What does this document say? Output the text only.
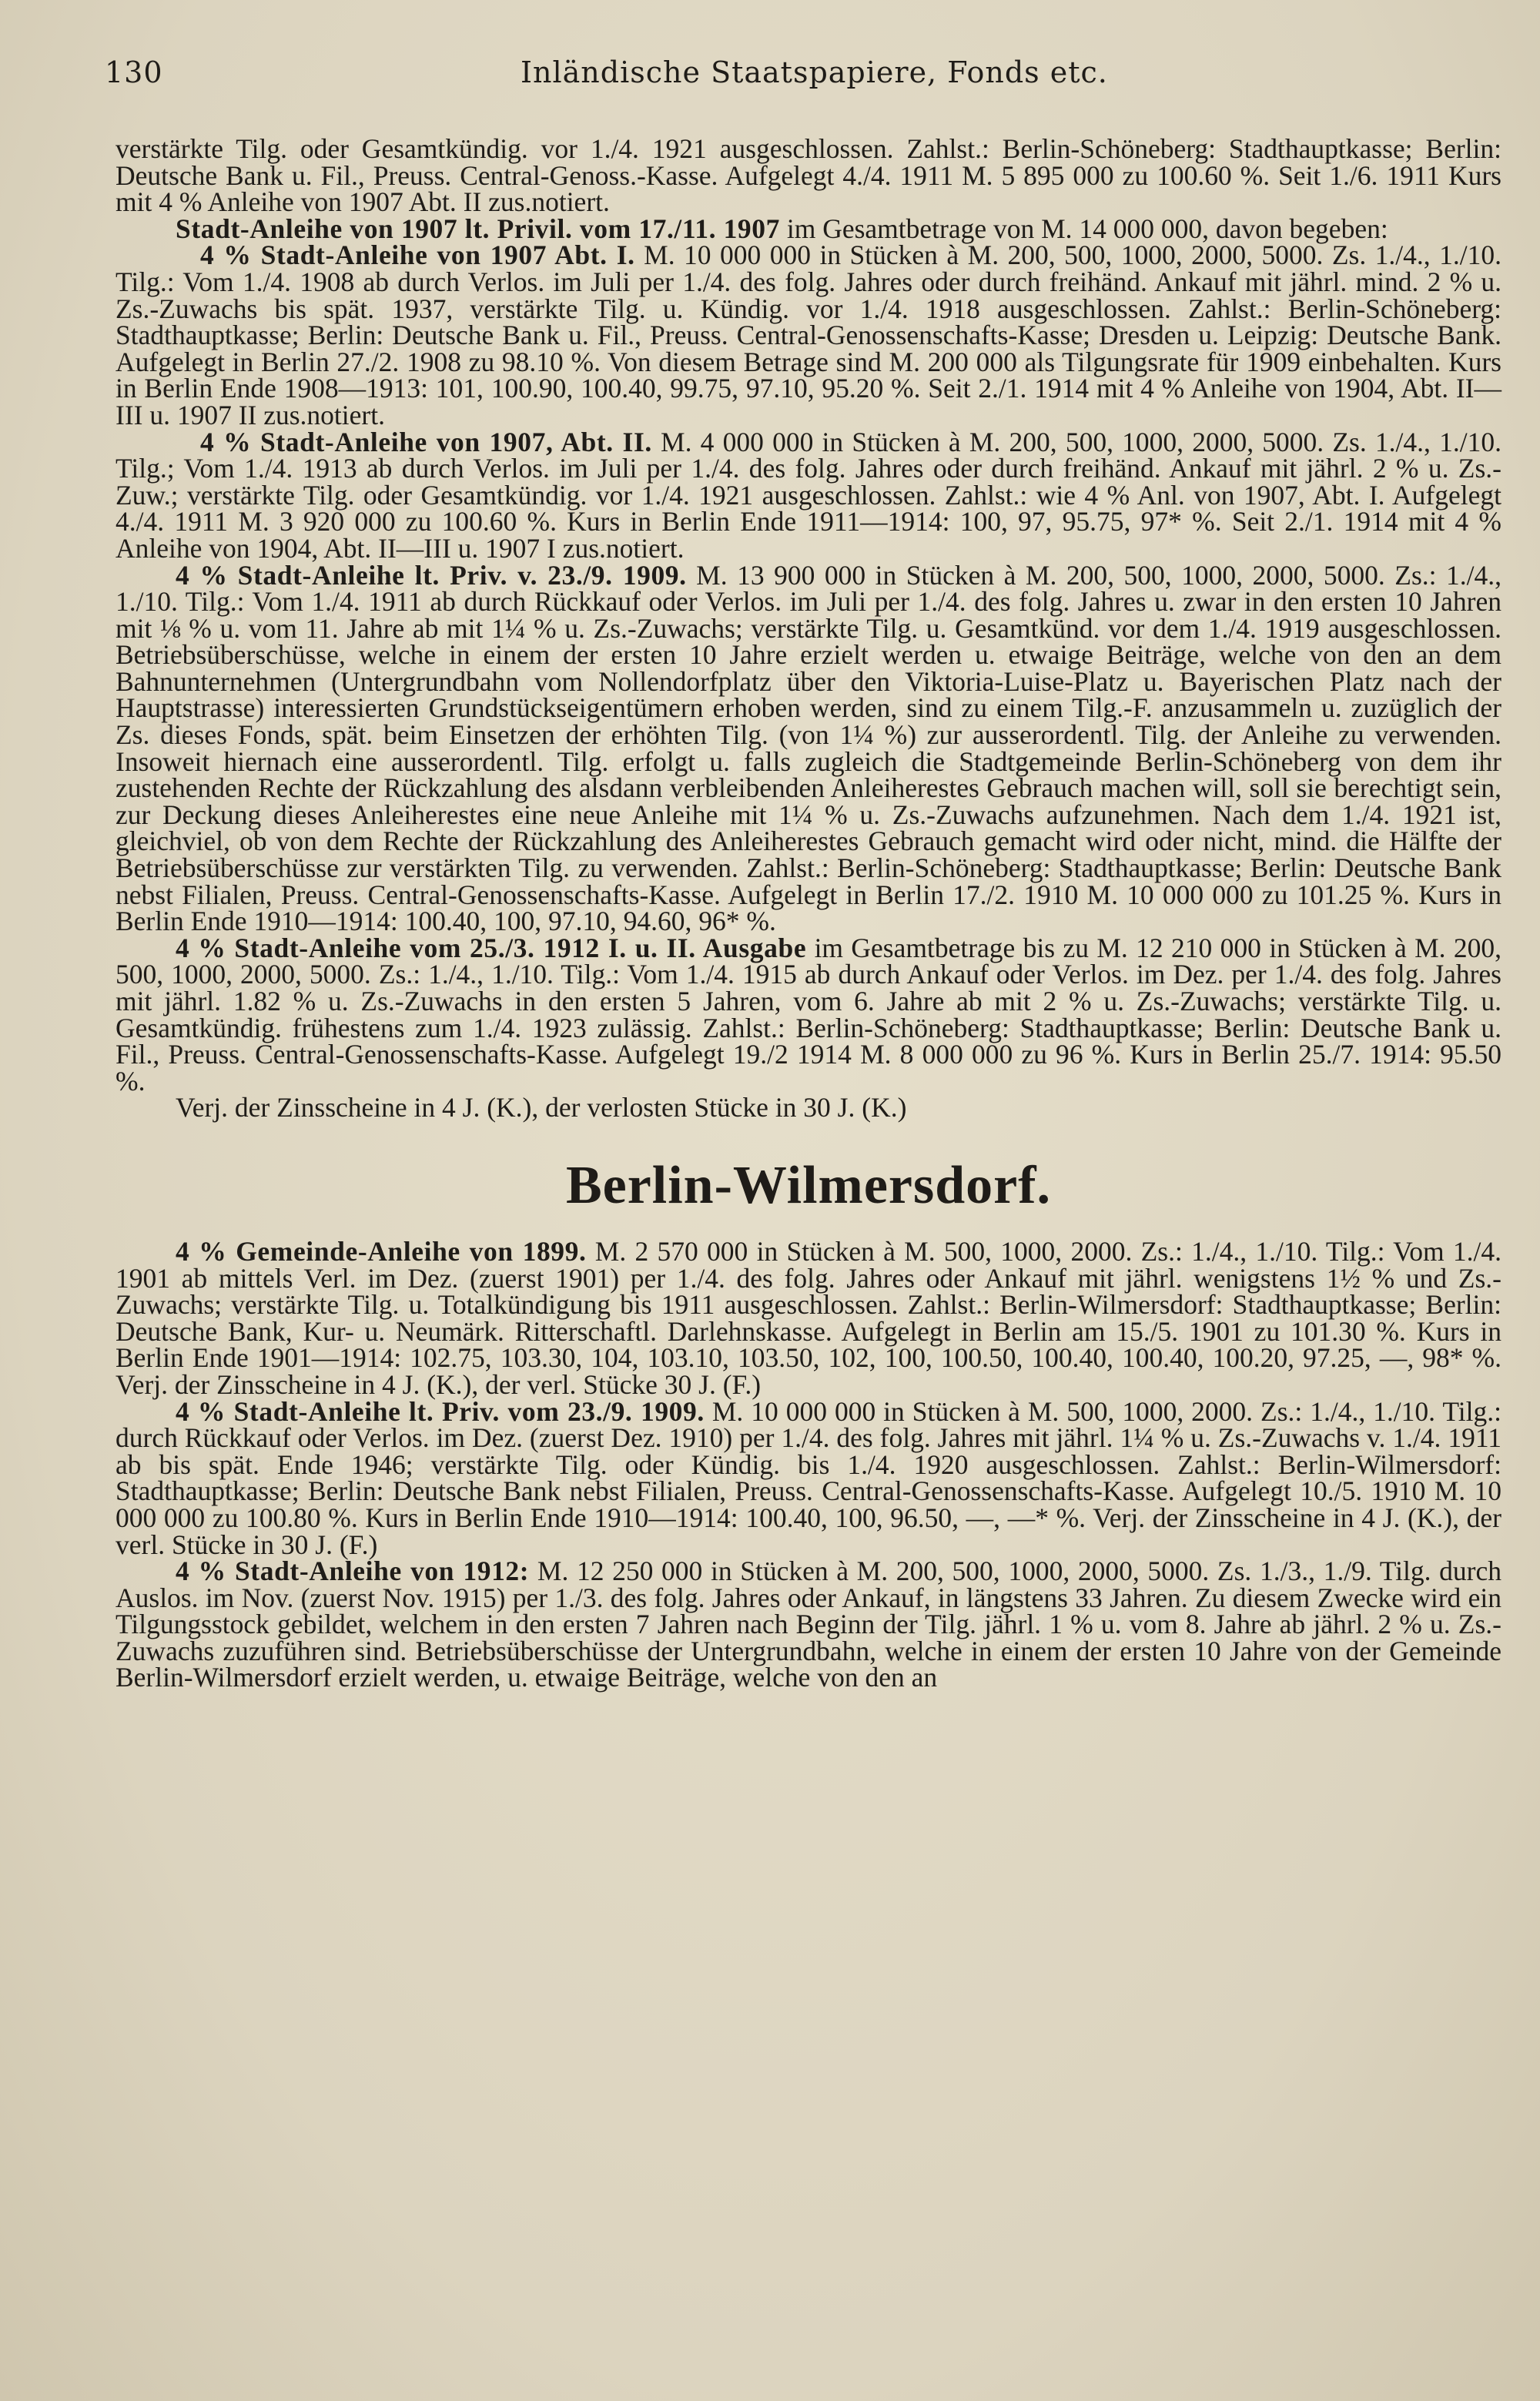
130	Inländische Staatspapiere, Fonds etc.

verstärkte Tilg. oder Gesamtkündig. vor 1./4. 1921 ausgeschlossen. Zahlst.: Berlin-Schöneberg: Stadthauptkasse; Berlin: Deutsche Bank u. Fil., Preuss. Central-Genoss.-Kasse. Aufgelegt 4./4. 1911 M. 5 895 000 zu 100.60 %. Seit 1./6. 1911 Kurs mit 4 % Anleihe von 1907 Abt. II zus.notiert.

Stadt-Anleihe von 1907 lt. Privil. vom 17./11. 1907 im Gesamtbetrage von M. 14 000 000, davon begeben:

4 % Stadt-Anleihe von 1907 Abt. I. M. 10 000 000 in Stücken à M. 200, 500, 1000, 2000, 5000. Zs. 1./4., 1./10. Tilg.: Vom 1./4. 1908 ab durch Verlos. im Juli per 1./4. des folg. Jahres oder durch freihänd. Ankauf mit jährl. mind. 2 % u. Zs.-Zuwachs bis spät. 1937, verstärkte Tilg. u. Kündig. vor 1./4. 1918 ausgeschlossen. Zahlst.: Berlin-Schöneberg: Stadthauptkasse; Berlin: Deutsche Bank u. Fil., Preuss. Central-Genossenschafts-Kasse; Dresden u. Leipzig: Deutsche Bank. Aufgelegt in Berlin 27./2. 1908 zu 98.10 %. Von diesem Betrage sind M. 200 000 als Tilgungsrate für 1909 einbehalten. Kurs in Berlin Ende 1908—1913: 101, 100.90, 100.40, 99.75, 97.10, 95.20 %. Seit 2./1. 1914 mit 4 % Anleihe von 1904, Abt. II—III u. 1907 II zus.notiert.

4 % Stadt-Anleihe von 1907, Abt. II. M. 4 000 000 in Stücken à M. 200, 500, 1000, 2000, 5000. Zs. 1./4., 1./10. Tilg.; Vom 1./4. 1913 ab durch Verlos. im Juli per 1./4. des folg. Jahres oder durch freihänd. Ankauf mit jährl. 2 % u. Zs.-Zuw.; verstärkte Tilg. oder Gesamtkündig. vor 1./4. 1921 ausgeschlossen. Zahlst.: wie 4 % Anl. von 1907, Abt. I. Aufgelegt 4./4. 1911 M. 3 920 000 zu 100.60 %. Kurs in Berlin Ende 1911—1914: 100, 97, 95.75, 97* %. Seit 2./1. 1914 mit 4 % Anleihe von 1904, Abt. II—III u. 1907 I zus.notiert.

4 % Stadt-Anleihe lt. Priv. v. 23./9. 1909. M. 13 900 000 in Stücken à M. 200, 500, 1000, 2000, 5000. Zs.: 1./4., 1./10. Tilg.: Vom 1./4. 1911 ab durch Rückkauf oder Verlos. im Juli per 1./4. des folg. Jahres u. zwar in den ersten 10 Jahren mit ⅛ % u. vom 11. Jahre ab mit 1¼ % u. Zs.-Zuwachs; verstärkte Tilg. u. Gesamtkünd. vor dem 1./4. 1919 ausgeschlossen. Betriebsüberschüsse, welche in einem der ersten 10 Jahre erzielt werden u. etwaige Beiträge, welche von den an dem Bahnunternehmen (Untergrundbahn vom Nollendorfplatz über den Viktoria-Luise-Platz u. Bayerischen Platz nach der Hauptstrasse) interessierten Grundstückseigentümern erhoben werden, sind zu einem Tilg.-F. anzusammeln u. zuzüglich der Zs. dieses Fonds, spät. beim Einsetzen der erhöhten Tilg. (von 1¼ %) zur ausserordentl. Tilg. der Anleihe zu verwenden. Insoweit hiernach eine ausserordentl. Tilg. erfolgt u. falls zugleich die Stadtgemeinde Berlin-Schöneberg von dem ihr zustehenden Rechte der Rückzahlung des alsdann verbleibenden Anleiherestes Gebrauch machen will, soll sie berechtigt sein, zur Deckung dieses Anleiherestes eine neue Anleihe mit 1¼ % u. Zs.-Zuwachs aufzunehmen. Nach dem 1./4. 1921 ist, gleichviel, ob von dem Rechte der Rückzahlung des Anleiherestes Gebrauch gemacht wird oder nicht, mind. die Hälfte der Betriebsüberschüsse zur verstärkten Tilg. zu verwenden. Zahlst.: Berlin-Schöneberg: Stadthauptkasse; Berlin: Deutsche Bank nebst Filialen, Preuss. Central-Genossenschafts-Kasse. Aufgelegt in Berlin 17./2. 1910 M. 10 000 000 zu 101.25 %. Kurs in Berlin Ende 1910—1914: 100.40, 100, 97.10, 94.60, 96* %.

4 % Stadt-Anleihe vom 25./3. 1912 I. u. II. Ausgabe im Gesamtbetrage bis zu M. 12 210 000 in Stücken à M. 200, 500, 1000, 2000, 5000. Zs.: 1./4., 1./10. Tilg.: Vom 1./4. 1915 ab durch Ankauf oder Verlos. im Dez. per 1./4. des folg. Jahres mit jährl. 1.82 % u. Zs.-Zuwachs in den ersten 5 Jahren, vom 6. Jahre ab mit 2 % u. Zs.-Zuwachs; verstärkte Tilg. u. Gesamtkündig. frühestens zum 1./4. 1923 zulässig. Zahlst.: Berlin-Schöneberg: Stadthauptkasse; Berlin: Deutsche Bank u. Fil., Preuss. Central-Genossenschafts-Kasse. Aufgelegt 19./2 1914 M. 8 000 000 zu 96 %. Kurs in Berlin 25./7. 1914: 95.50 %.

Verj. der Zinsscheine in 4 J. (K.), der verlosten Stücke in 30 J. (K.)

Berlin-Wilmersdorf.

4 % Gemeinde-Anleihe von 1899. M. 2 570 000 in Stücken à M. 500, 1000, 2000. Zs.: 1./4., 1./10. Tilg.: Vom 1./4. 1901 ab mittels Verl. im Dez. (zuerst 1901) per 1./4. des folg. Jahres oder Ankauf mit jährl. wenigstens 1½ % und Zs.-Zuwachs; verstärkte Tilg. u. Totalkündigung bis 1911 ausgeschlossen. Zahlst.: Berlin-Wilmersdorf: Stadthauptkasse; Berlin: Deutsche Bank, Kur- u. Neumärk. Ritterschaftl. Darlehnskasse. Aufgelegt in Berlin am 15./5. 1901 zu 101.30 %. Kurs in Berlin Ende 1901—1914: 102.75, 103.30, 104, 103.10, 103.50, 102, 100, 100.50, 100.40, 100.40, 100.20, 97.25, —, 98* %. Verj. der Zinsscheine in 4 J. (K.), der verl. Stücke 30 J. (F.)

4 % Stadt-Anleihe lt. Priv. vom 23./9. 1909. M. 10 000 000 in Stücken à M. 500, 1000, 2000. Zs.: 1./4., 1./10. Tilg.: durch Rückkauf oder Verlos. im Dez. (zuerst Dez. 1910) per 1./4. des folg. Jahres mit jährl. 1¼ % u. Zs.-Zuwachs v. 1./4. 1911 ab bis spät. Ende 1946; verstärkte Tilg. oder Kündig. bis 1./4. 1920 ausgeschlossen. Zahlst.: Berlin-Wilmersdorf: Stadthauptkasse; Berlin: Deutsche Bank nebst Filialen, Preuss. Central-Genossenschafts-Kasse. Aufgelegt 10./5. 1910 M. 10 000 000 zu 100.80 %. Kurs in Berlin Ende 1910—1914: 100.40, 100, 96.50, —, —* %. Verj. der Zinsscheine in 4 J. (K.), der verl. Stücke in 30 J. (F.)

4 % Stadt-Anleihe von 1912: M. 12 250 000 in Stücken à M. 200, 500, 1000, 2000, 5000. Zs. 1./3., 1./9. Tilg. durch Auslos. im Nov. (zuerst Nov. 1915) per 1./3. des folg. Jahres oder Ankauf, in längstens 33 Jahren. Zu diesem Zwecke wird ein Tilgungsstock gebildet, welchem in den ersten 7 Jahren nach Beginn der Tilg. jährl. 1 % u. vom 8. Jahre ab jährl. 2 % u. Zs.-Zuwachs zuzuführen sind. Betriebsüberschüsse der Untergrundbahn, welche in einem der ersten 10 Jahre von der Gemeinde Berlin-Wilmersdorf erzielt werden, u. etwaige Beiträge, welche von den an
